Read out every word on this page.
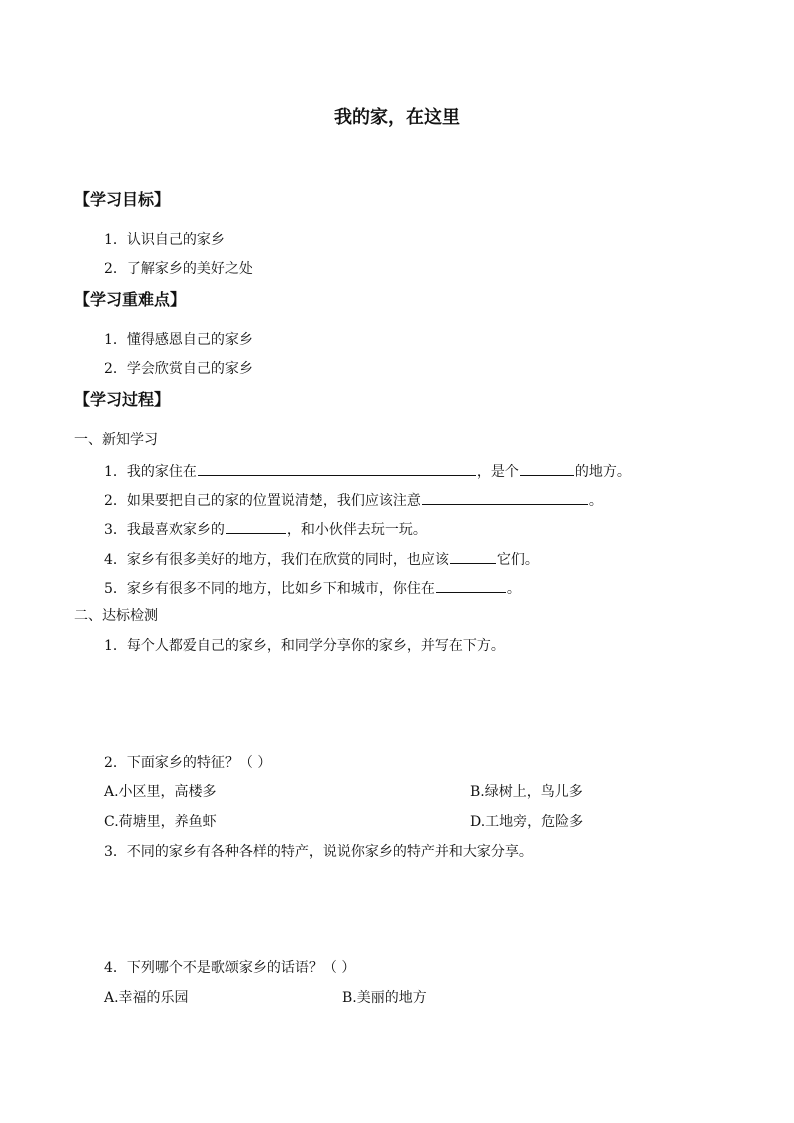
我的家，在这里
【学习目标】
1．认识自己的家乡
2．了解家乡的美好之处
【学习重难点】
1．懂得感恩自己的家乡
2．学会欣赏自己的家乡
【学习过程】
一、新知学习
1．我的家住在	，是个	的地方。
2．如果要把自己的家的位置说清楚，我们应该注意	。
3．我最喜欢家乡的	，和小伙伴去玩一玩。
4．家乡有很多美好的地方，我们在欣赏的同时，也应该	它们。
5．家乡有很多不同的地方，比如乡下和城市，你住在	。
二、达标检测
1．每个人都爱自己的家乡，和同学分享你的家乡，并写在下方。
2．下面家乡的特征？（ ）
A.小区里，高楼多	B.绿树上，鸟儿多
C.荷塘里，养鱼虾	D.工地旁，危险多
3．不同的家乡有各种各样的特产，说说你家乡的特产并和大家分享。
4．下列哪个不是歌颂家乡的话语？（ ）
A.幸福的乐园	B.美丽的地方
